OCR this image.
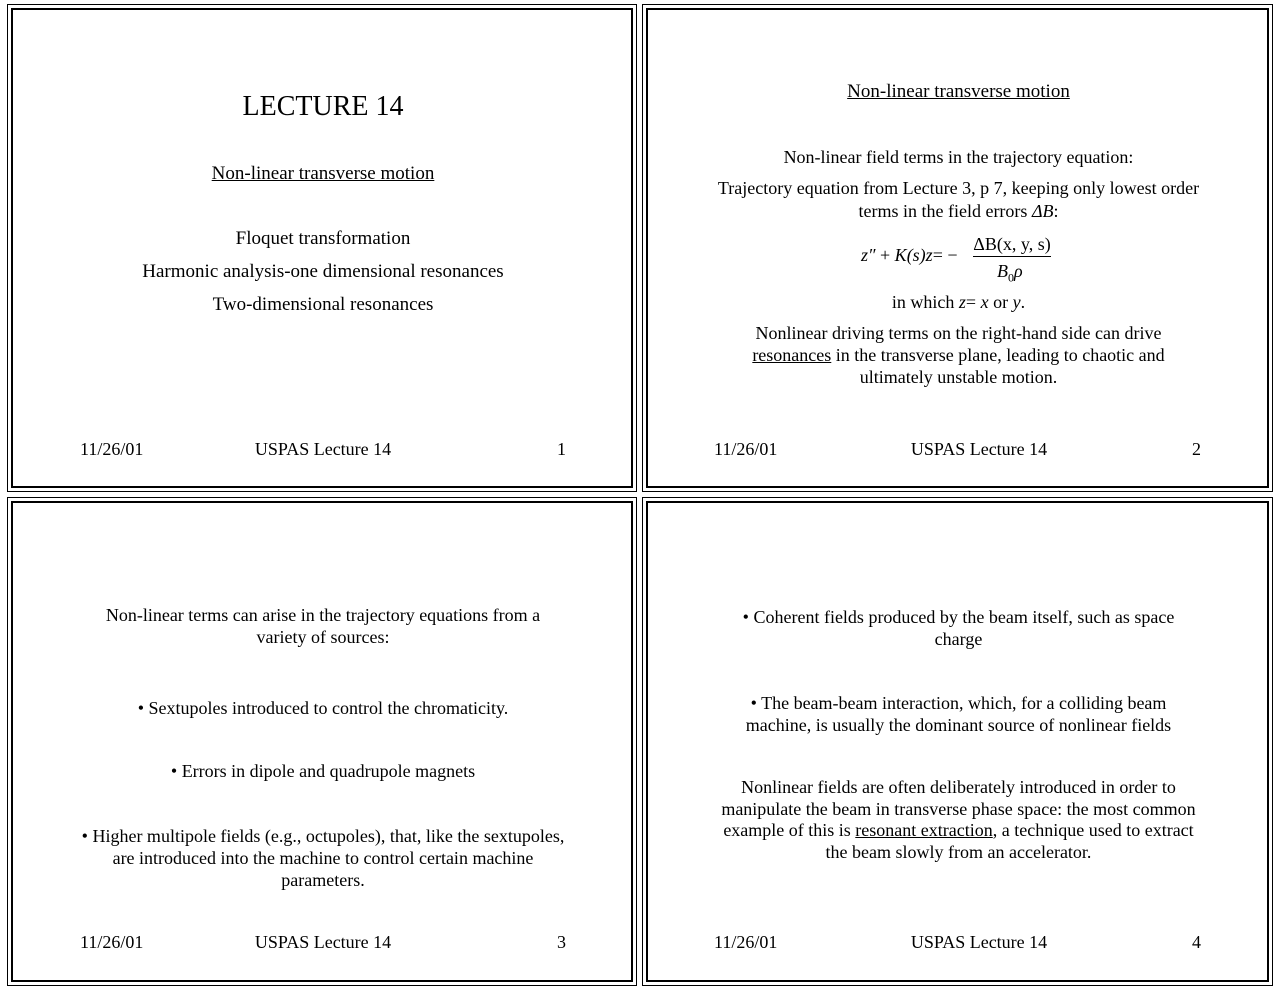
LECTURE 14
Non-linear transverse motion
Floquet transformation
Harmonic analysis-one dimensional resonances
Two-dimensional resonances
11/26/01	USPAS Lecture 14	1
Non-linear transverse motion
Non-linear field terms in the trajectory equation:
Trajectory equation from Lecture 3, p 7, keeping only lowest order
terms in the field errors ΔB:
z″ + K(s)z= −
ΔB(x, y, s)
$B_0\rho$
in which z= x or y.
Nonlinear driving terms on the right-hand side can drive
resonances in the transverse plane, leading to chaotic and
ultimately unstable motion.
11/26/01	USPAS Lecture 14	2
Non-linear terms can arise in the trajectory equations from a
variety of sources:
• Sextupoles introduced to control the chromaticity.
• Errors in dipole and quadrupole magnets
• Higher multipole fields (e.g., octupoles), that, like the sextupoles,
are introduced into the machine to control certain machine
parameters.
11/26/01	USPAS Lecture 14	3
• Coherent fields produced by the beam itself, such as space
charge
• The beam-beam interaction, which, for a colliding beam
machine, is usually the dominant source of nonlinear fields
Nonlinear fields are often deliberately introduced in order to
manipulate the beam in transverse phase space: the most common
example of this is resonant extraction, a technique used to extract
the beam slowly from an accelerator.
11/26/01	USPAS Lecture 14	4
